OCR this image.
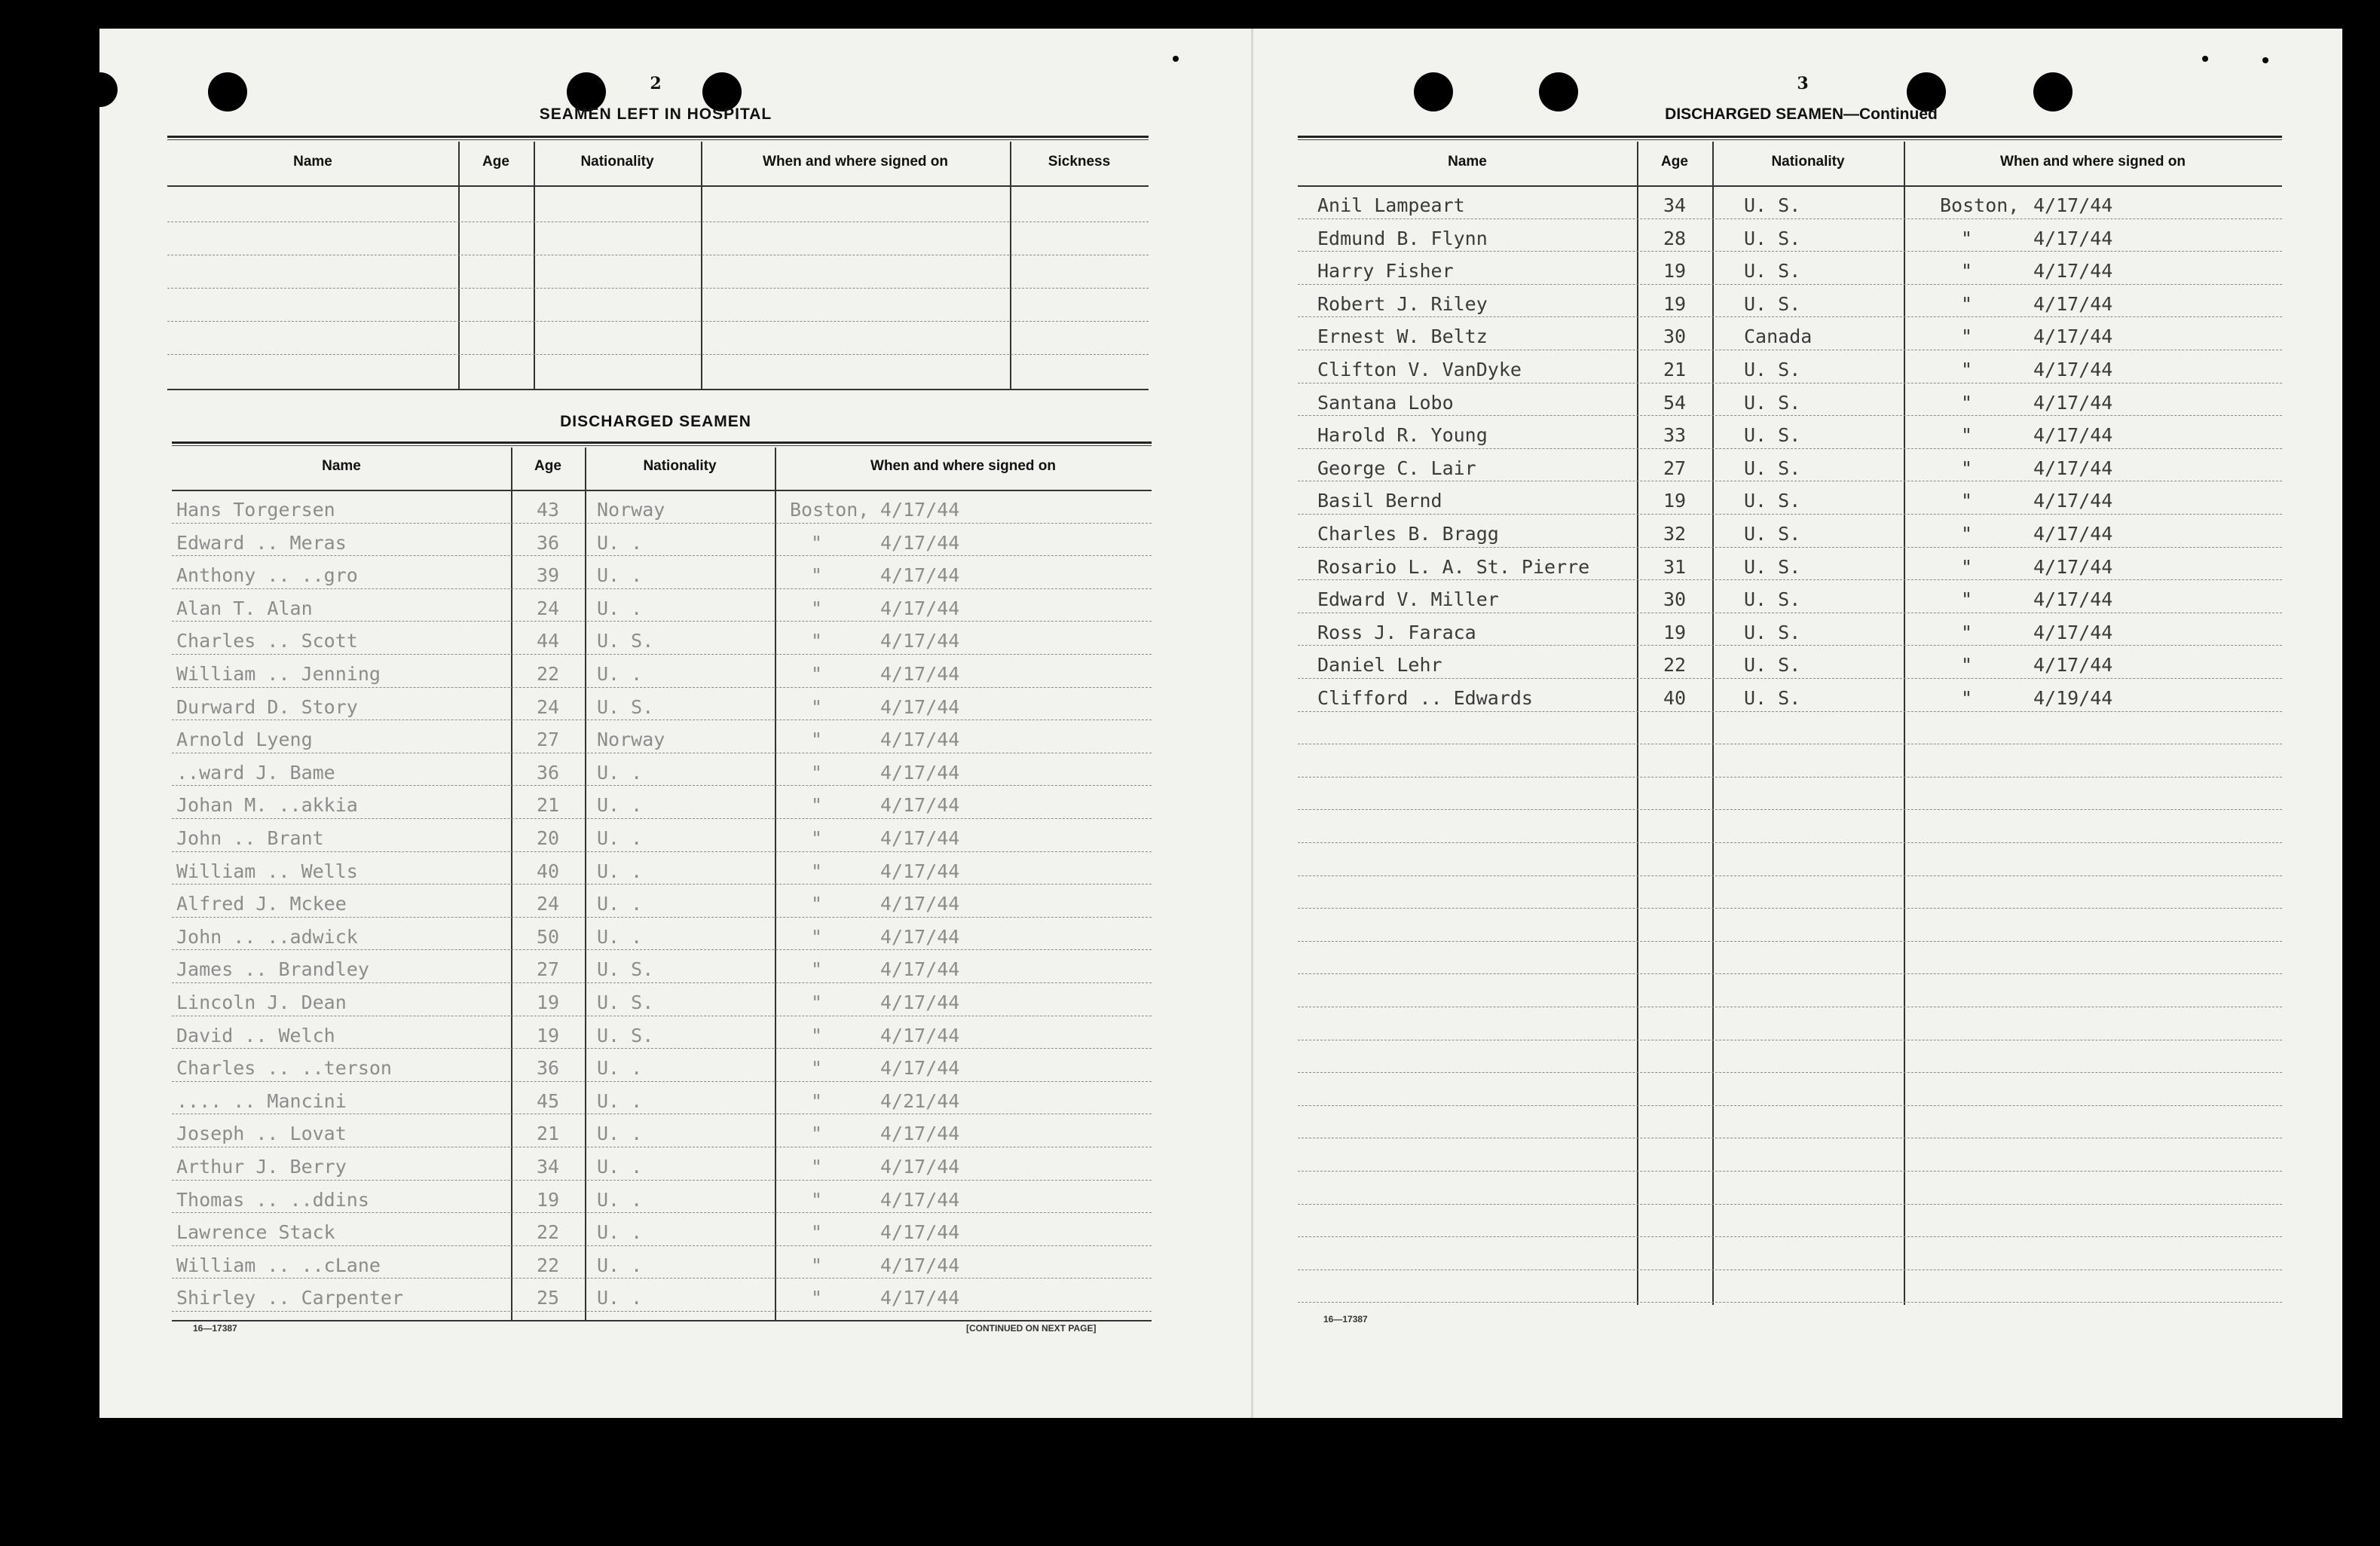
2
SEAMEN LEFT IN HOSPITAL
Name	Age	Nationality	When and where signed on	Sickness
DISCHARGED SEAMEN
Name	Age	Nationality	When and where signed on
Hans Torgersen	43	Norway	Boston, 4/17/44
Edward .. Meras	36	U. .	"	4/17/44
Anthony .. ..gro	39	U. .	"	4/17/44
Alan T. Alan	24	U. .	"	4/17/44
Charles .. Scott	44	U. S.	"	4/17/44
William .. Jenning	22	U. .	"	4/17/44
Durward D. Story	24	U. S.	"	4/17/44
Arnold Lyeng	27	Norway	"	4/17/44
..ward J. Bame	36	U. .	"	4/17/44
Johan M. ..akkia	21	U. .	"	4/17/44
John .. Brant	20	U. .	"	4/17/44
William .. Wells	40	U. .	"	4/17/44
Alfred J. Mckee	24	U. .	"	4/17/44
John .. ..adwick	50	U. .	"	4/17/44
James .. Brandley	27	U. S.	"	4/17/44
Lincoln J. Dean	19	U. S.	"	4/17/44
David .. Welch	19	U. S.	"	4/17/44
Charles .. ..terson	36	U. .	"	4/17/44
.... .. Mancini	45	U. .	"	4/21/44
Joseph .. Lovat	21	U. .	"	4/17/44
Arthur J. Berry	34	U. .	"	4/17/44
Thomas .. ..ddins	19	U. .	"	4/17/44
Lawrence Stack	22	U. .	"	4/17/44
William .. ..cLane	22	U. .	"	4/17/44
Shirley .. Carpenter	25	U. .	"	4/17/44
16—17387	[CONTINUED ON NEXT PAGE]
3
DISCHARGED SEAMEN—Continued
Name	Age	Nationality	When and where signed on
Anil Lampeart	34	U. S.	Boston, 4/17/44
Edmund B. Flynn	28	U. S.	"	4/17/44
Harry Fisher	19	U. S.	"	4/17/44
Robert J. Riley	19	U. S.	"	4/17/44
Ernest W. Beltz	30	Canada	"	4/17/44
Clifton V. VanDyke	21	U. S.	"	4/17/44
Santana Lobo	54	U. S.	"	4/17/44
Harold R. Young	33	U. S.	"	4/17/44
George C. Lair	27	U. S.	"	4/17/44
Basil Bernd	19	U. S.	"	4/17/44
Charles B. Bragg	32	U. S.	"	4/17/44
Rosario L. A. St. Pierre	31	U. S.	"	4/17/44
Edward V. Miller	30	U. S.	"	4/17/44
Ross J. Faraca	19	U. S.	"	4/17/44
Daniel Lehr	22	U. S.	"	4/17/44
Clifford .. Edwards	40	U. S.	"	4/19/44
16—17387
